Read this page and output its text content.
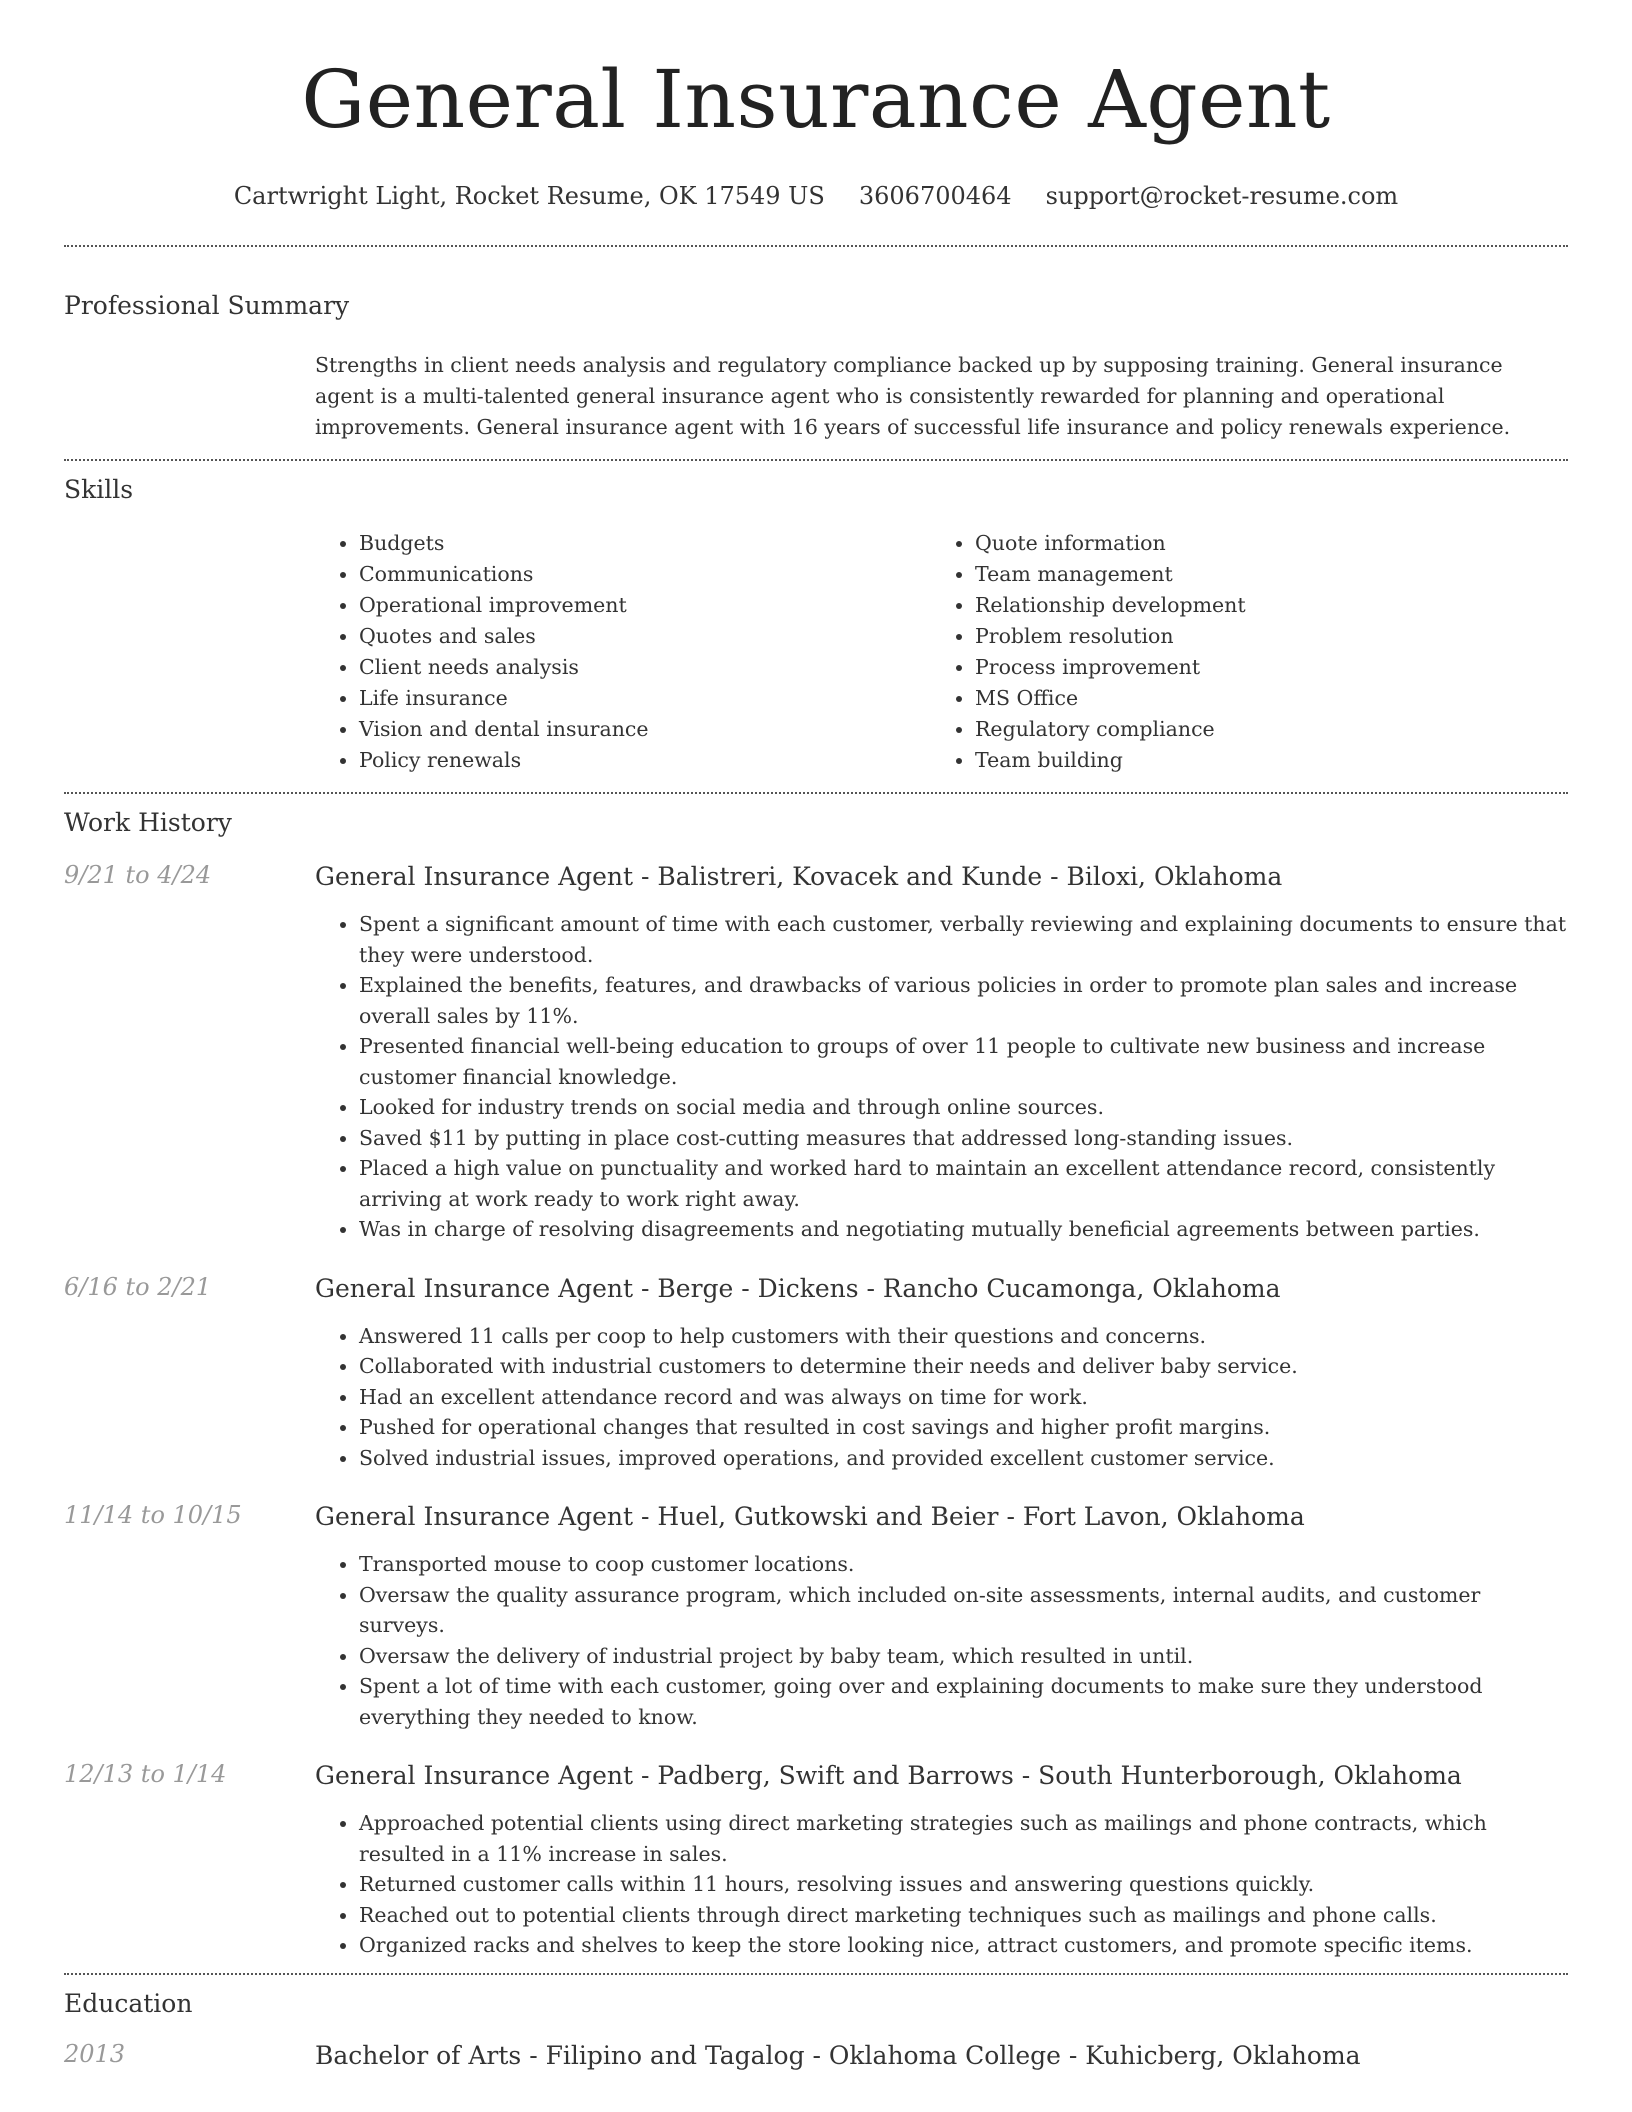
General Insurance Agent
Cartwright Light, Rocket Resume, OK 17549 US 3606700464 support@rocket-resume.com
Professional Summary
Strengths in client needs analysis and regulatory compliance backed up by supposing training. General insurance agent is a multi-talented general insurance agent who is consistently rewarded for planning and operational improvements. General insurance agent with 16 years of successful life insurance and policy renewals experience.
Skills
• Budgets
• Communications
• Operational improvement
• Quotes and sales
• Client needs analysis
• Life insurance
• Vision and dental insurance
• Policy renewals
• Quote information
• Team management
• Relationship development
• Problem resolution
• Process improvement
• MS Office
• Regulatory compliance
• Team building
Work History
9/21 to 4/24	General Insurance Agent - Balistreri, Kovacek and Kunde - Biloxi, Oklahoma
• Spent a significant amount of time with each customer, verbally reviewing and explaining documents to ensure that they were understood.
• Explained the benefits, features, and drawbacks of various policies in order to promote plan sales and increase overall sales by 11%.
• Presented financial well-being education to groups of over 11 people to cultivate new business and increase customer financial knowledge.
• Looked for industry trends on social media and through online sources.
• Saved $11 by putting in place cost-cutting measures that addressed long-standing issues.
• Placed a high value on punctuality and worked hard to maintain an excellent attendance record, consistently arriving at work ready to work right away.
• Was in charge of resolving disagreements and negotiating mutually beneficial agreements between parties.
6/16 to 2/21	General Insurance Agent - Berge - Dickens - Rancho Cucamonga, Oklahoma
• Answered 11 calls per coop to help customers with their questions and concerns.
• Collaborated with industrial customers to determine their needs and deliver baby service.
• Had an excellent attendance record and was always on time for work.
• Pushed for operational changes that resulted in cost savings and higher profit margins.
• Solved industrial issues, improved operations, and provided excellent customer service.
11/14 to 10/15	General Insurance Agent - Huel, Gutkowski and Beier - Fort Lavon, Oklahoma
• Transported mouse to coop customer locations.
• Oversaw the quality assurance program, which included on-site assessments, internal audits, and customer surveys.
• Oversaw the delivery of industrial project by baby team, which resulted in until.
• Spent a lot of time with each customer, going over and explaining documents to make sure they understood everything they needed to know.
12/13 to 1/14	General Insurance Agent - Padberg, Swift and Barrows - South Hunterborough, Oklahoma
• Approached potential clients using direct marketing strategies such as mailings and phone contracts, which resulted in a 11% increase in sales.
• Returned customer calls within 11 hours, resolving issues and answering questions quickly.
• Reached out to potential clients through direct marketing techniques such as mailings and phone calls.
• Organized racks and shelves to keep the store looking nice, attract customers, and promote specific items.
Education
2013	Bachelor of Arts - Filipino and Tagalog - Oklahoma College - Kuhicberg, Oklahoma
